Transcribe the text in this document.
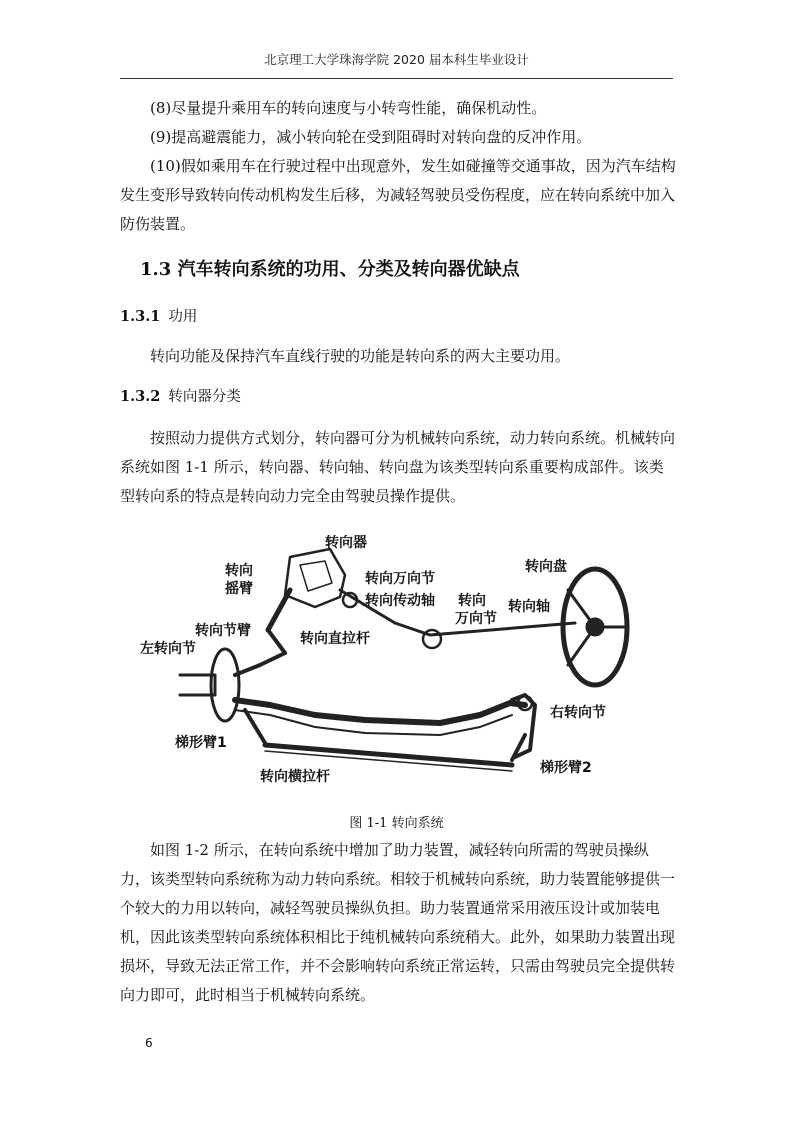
北京理工大学珠海学院 2020 届本科生毕业设计

(8)尽量提升乘用车的转向速度与小转弯性能，确保机动性。

(9)提高避震能力，减小转向轮在受到阻碍时对转向盘的反冲作用。

(10)假如乘用车在行驶过程中出现意外，发生如碰撞等交通事故，因为汽车结构发生变形导致转向传动机构发生后移，为减轻驾驶员受伤程度，应在转向系统中加入防伤装置。

1.3 汽车转向系统的功用、分类及转向器优缺点
1.3.1 功用

转向功能及保持汽车直线行驶的功能是转向系的两大主要功用。

1.3.2 转向器分类

按照动力提供方式划分，转向器可分为机械转向系统，动力转向系统。机械转向系统如图 1-1 所示，转向器、转向轴、转向盘为该类型转向系重要构成部件。该类型转向系的特点是转向动力完全由驾驶员操作提供。

转向器
转向
摇臂
转向万向节
转向传动轴 转向
万向节
转向轴
转向盘
转向节臂	转向直拉杆
左转向节
右转向节
梯形臂1
梯形臂2
转向横拉杆
图 1-1 转向系统

如图 1-2 所示，在转向系统中增加了助力装置，减轻转向所需的驾驶员操纵力，该类型转向系统称为动力转向系统。相较于机械转向系统，助力装置能够提供一个较大的力用以转向，减轻驾驶员操纵负担。助力装置通常采用液压设计或加装电机，因此该类型转向系统体积相比于纯机械转向系统稍大。此外，如果助力装置出现损坏，导致无法正常工作，并不会影响转向系统正常运转，只需由驾驶员完全提供转向力即可，此时相当于机械转向系统。

6
